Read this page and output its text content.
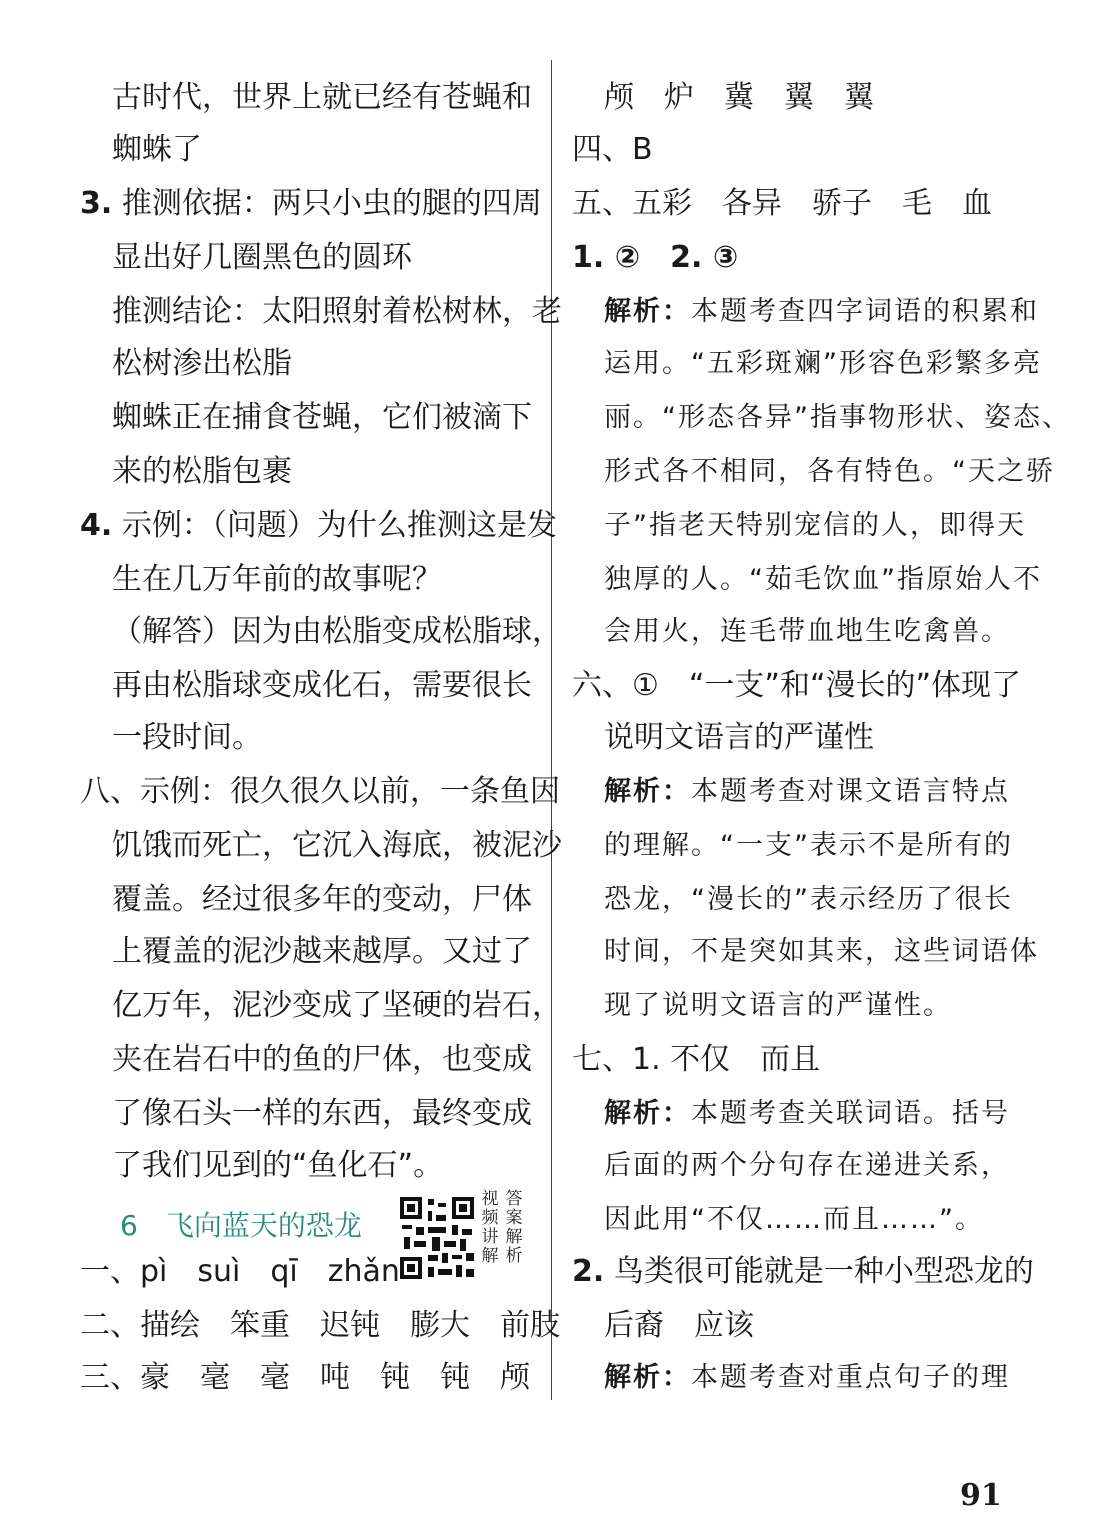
古时代，世界上就已经有苍蝇和
蜘蛛了
3. 推测依据：两只小虫的腿的四周
显出好几圈黑色的圆环
推测结论：太阳照射着松树林，老
松树渗出松脂
蜘蛛正在捕食苍蝇，它们被滴下
来的松脂包裹
4. 示例：（问题）为什么推测这是发
生在几万年前的故事呢？
（解答）因为由松脂变成松脂球，
再由松脂球变成化石，需要很长
一段时间。
八、示例：很久很久以前，一条鱼因
饥饿而死亡，它沉入海底，被泥沙
覆盖。经过很多年的变动，尸体
上覆盖的泥沙越来越厚。又过了
亿万年，泥沙变成了坚硬的岩石，
夹在岩石中的鱼的尸体，也变成
了像石头一样的东西，最终变成
了我们见到的“鱼化石”。
6　飞向蓝天的恐龙
视频讲解
答案解析
一、pì　suì　qī　zhǎn
二、描绘　笨重　迟钝　膨大　前肢
三、豪　毫　毫　吨　钝　钝　颅
颅　炉　冀　翼　翼
四、B
五、五彩　各异　骄子　毛　血
1. ②　2. ③
解析：本题考查四字词语的积累和
运用。“五彩斑斓”形容色彩繁多亮
丽。“形态各异”指事物形状、姿态、
形式各不相同，各有特色。“天之骄
子”指老天特别宠信的人，即得天
独厚的人。“茹毛饮血”指原始人不
会用火，连毛带血地生吃禽兽。
六、①　“一支”和“漫长的”体现了
说明文语言的严谨性
解析：本题考查对课文语言特点
的理解。“一支”表示不是所有的
恐龙，“漫长的”表示经历了很长
时间，不是突如其来，这些词语体
现了说明文语言的严谨性。
七、1. 不仅　而且
解析：本题考查关联词语。括号
后面的两个分句存在递进关系，
因此用“不仅……而且……”。
2. 鸟类很可能就是一种小型恐龙的
后裔　应该
解析：本题考查对重点句子的理
91
